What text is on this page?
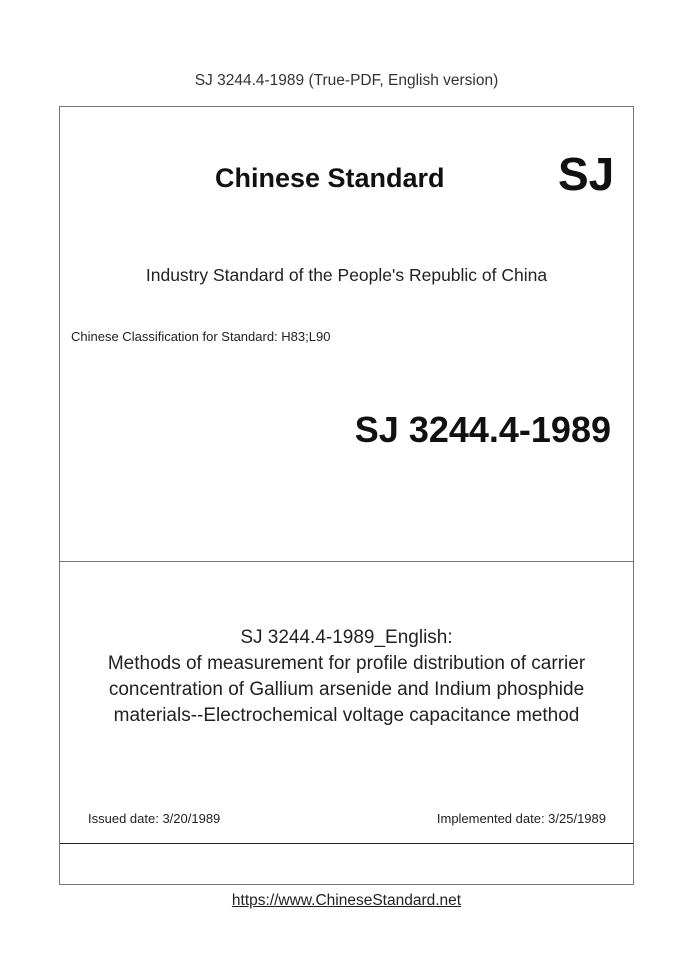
SJ 3244.4-1989 (True-PDF, English version)
Chinese Standard SJ
Industry Standard of the People's Republic of China
Chinese Classification for Standard: H83;L90
SJ 3244.4-1989
SJ 3244.4-1989_English:
Methods of measurement for profile distribution of carrier
concentration of Gallium arsenide and Indium phosphide
materials--Electrochemical voltage capacitance method
Issued date: 3/20/1989	Implemented date: 3/25/1989
https://www.ChineseStandard.net
